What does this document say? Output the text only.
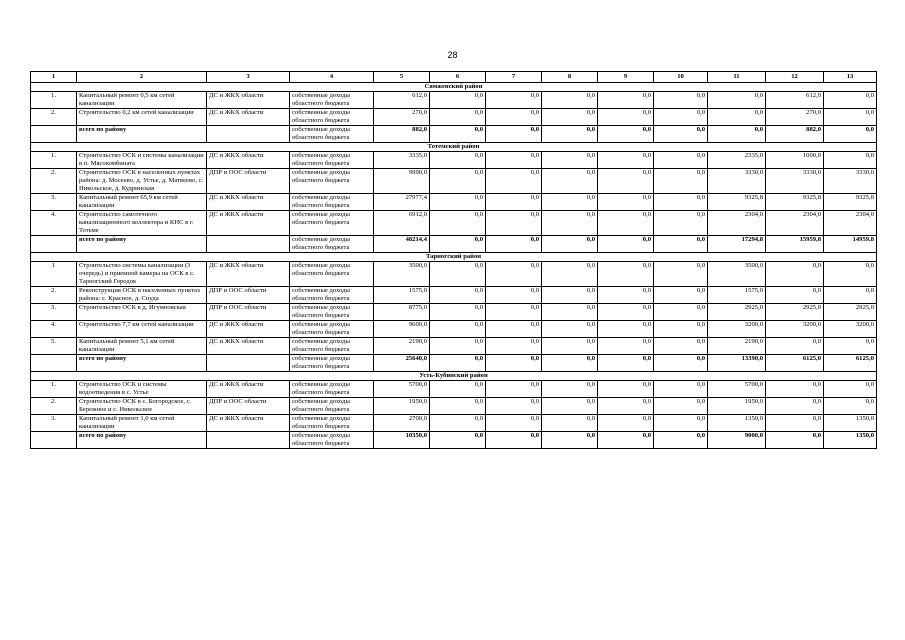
28
1	2	3	4	5	6	7	8	9	10	11	12	13
Сямженский район												
1.	Капитальный ремонт 0,5 км сетей канализации	ДС и ЖКХ области	собственные доходы областного бюджета	612,0	0,0	0,0	0,0	0,0	0,0	0,0	612,0	0,0
2.	Строительство 0,2 км сетей канализации	ДС и ЖКХ области	собственные доходы областного бюджета	270,0	0,0	0,0	0,0	0,0	0,0	0,0	270,0	0,0
	всего по району		собственные доходы областного бюджета	882,0	0,0	0,0	0,0	0,0	0,0	0,0	882,0	0,0
Тотемский район												
1.	Строительство ОСК и системы канализации в п. Мясокомбината	ДС и ЖКХ области	собственные доходы областного бюджета	3335,0	0,0	0,0	0,0	0,0	0,0	2335,0	1000,0	0,0
2.	Строительство ОСК в населенных пунктах района: д. Мосеево, д. Устье, д. Матвеево, с. Никольское, д. Кудринская	ДПР и ООС области	собственные доходы областного бюджета	9990,0	0,0	0,0	0,0	0,0	0,0	3330,0	3330,0	3330,0
3.	Капитальный ремонт 65,9 км сетей канализации	ДС и ЖКХ области	собственные доходы областного бюджета	27977,4	0,0	0,0	0,0	0,0	0,0	9325,8	9325,8	9325,8
4.	Строительство самотечного канализационного коллектора и КНС в г. Тотьме	ДС и ЖКХ области	собственные доходы областного бюджета	6912,0	0,0	0,0	0,0	0,0	0,0	2304,0	2304,0	2304,0
	всего по району		собственные доходы областного бюджета	48214,4	0,0	0,0	0,0	0,0	0,0	17294,8	15959,8	14959,8
Тарногский район												
1	Строительство системы канализации (3 очередь) и приемной камеры на ОСК в с. Тарногский Городок	ДС и ЖКХ области	собственные доходы областного бюджета	3500,0	0,0	0,0	0,0	0,0	0,0	3500,0	0,0	0,0
2.	Реконструкция ОСК в населенных пунктах района: с. Красное, д. Спуда	ДПР и ООС области	собственные доходы областного бюджета	1575,0	0,0	0,0	0,0	0,0	0,0	1575,0	0,0	0,0
3.	Строительство ОСК в д. Игумновская	ДПР и ООС области	собственные доходы областного бюджета	8775,0	0,0	0,0	0,0	0,0	0,0	2925,0	2925,0	2925,0
4.	Строительство 7,7 км сетей канализации	ДС и ЖКХ области	собственные доходы областного бюджета	9600,0	0,0	0,0	0,0	0,0	0,0	3200,0	3200,0	3200,0
5.	Капитальный ремонт 5,1 км сетей канализации	ДС и ЖКХ области	собственные доходы областного бюджета	2190,0	0,0	0,0	0,0	0,0	0,0	2190,0	0,0	0,0
	всего по району		собственные доходы областного бюджета	25640,0	0,0	0,0	0,0	0,0	0,0	13390,0	6125,0	6125,0
Усть-Кубинский район												
1.	Строительство ОСК и системы водоотведения в с. Устье	ДС и ЖКХ области	собственные доходы областного бюджета	5700,0	0,0	0,0	0,0	0,0	0,0	5700,0	0,0	0,0
2.	Строительство ОСК в с. Богородское, с. Бережное и с. Никольское	ДПР и ООС области	собственные доходы областного бюджета	1950,0	0,0	0,0	0,0	0,0	0,0	1950,0	0,0	0,0
3.	Капитальный ремонт 1,0 км сетей канализации	ДС и ЖКХ области	собственные доходы областного бюджета	2700,0	0,0	0,0	0,0	0,0	0,0	1350,0	0,0	1350,0
	всего по району		собственные доходы областного бюджета	10350,0	0,0	0,0	0,0	0,0	0,0	9000,0	0,0	1350,0
